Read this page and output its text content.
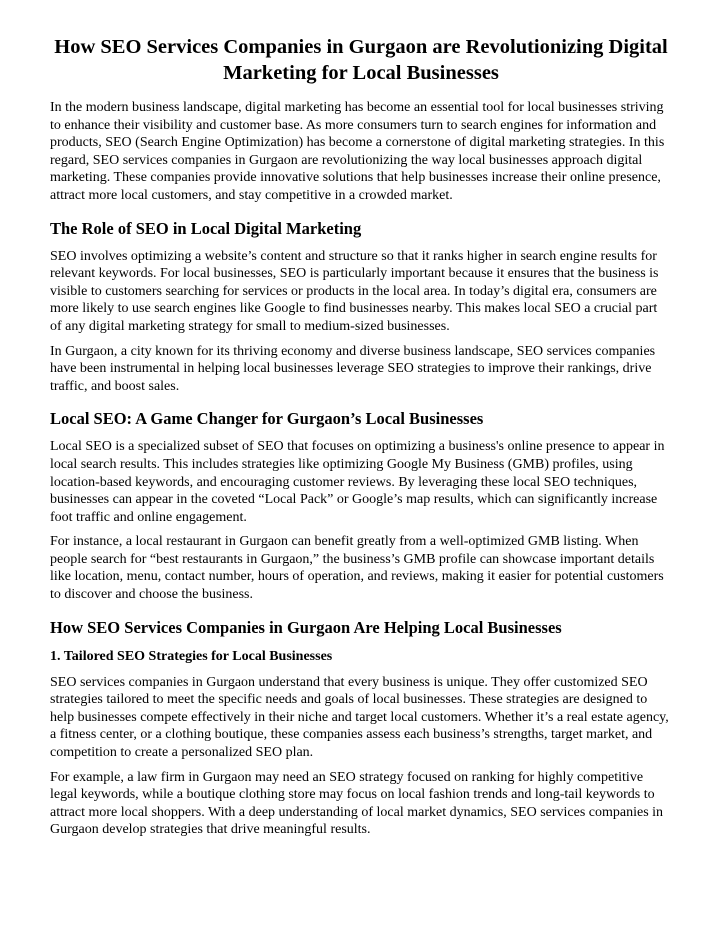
How SEO Services Companies in Gurgaon are Revolutionizing Digital Marketing for Local Businesses

In the modern business landscape, digital marketing has become an essential tool for local businesses striving to enhance their visibility and customer base. As more consumers turn to search engines for information and products, SEO (Search Engine Optimization) has become a cornerstone of digital marketing strategies. In this regard, SEO services companies in Gurgaon are revolutionizing the way local businesses approach digital marketing. These companies provide innovative solutions that help businesses increase their online presence, attract more local customers, and stay competitive in a crowded market.

The Role of SEO in Local Digital Marketing

SEO involves optimizing a website’s content and structure so that it ranks higher in search engine results for relevant keywords. For local businesses, SEO is particularly important because it ensures that the business is visible to customers searching for services or products in the local area. In today’s digital era, consumers are more likely to use search engines like Google to find businesses nearby. This makes local SEO a crucial part of any digital marketing strategy for small to medium-sized businesses.

In Gurgaon, a city known for its thriving economy and diverse business landscape, SEO services companies have been instrumental in helping local businesses leverage SEO strategies to improve their rankings, drive traffic, and boost sales.

Local SEO: A Game Changer for Gurgaon’s Local Businesses

Local SEO is a specialized subset of SEO that focuses on optimizing a business's online presence to appear in local search results. This includes strategies like optimizing Google My Business (GMB) profiles, using location-based keywords, and encouraging customer reviews. By leveraging these local SEO techniques, businesses can appear in the coveted “Local Pack” or Google’s map results, which can significantly increase foot traffic and online engagement.

For instance, a local restaurant in Gurgaon can benefit greatly from a well-optimized GMB listing. When people search for “best restaurants in Gurgaon,” the business’s GMB profile can showcase important details like location, menu, contact number, hours of operation, and reviews, making it easier for potential customers to discover and choose the business.

How SEO Services Companies in Gurgaon Are Helping Local Businesses
1. Tailored SEO Strategies for Local Businesses

SEO services companies in Gurgaon understand that every business is unique. They offer customized SEO strategies tailored to meet the specific needs and goals of local businesses. These strategies are designed to help businesses compete effectively in their niche and target local customers. Whether it’s a real estate agency, a fitness center, or a clothing boutique, these companies assess each business’s strengths, target market, and competition to create a personalized SEO plan.

For example, a law firm in Gurgaon may need an SEO strategy focused on ranking for highly competitive legal keywords, while a boutique clothing store may focus on local fashion trends and long-tail keywords to attract more local shoppers. With a deep understanding of local market dynamics, SEO services companies in Gurgaon develop strategies that drive meaningful results.
